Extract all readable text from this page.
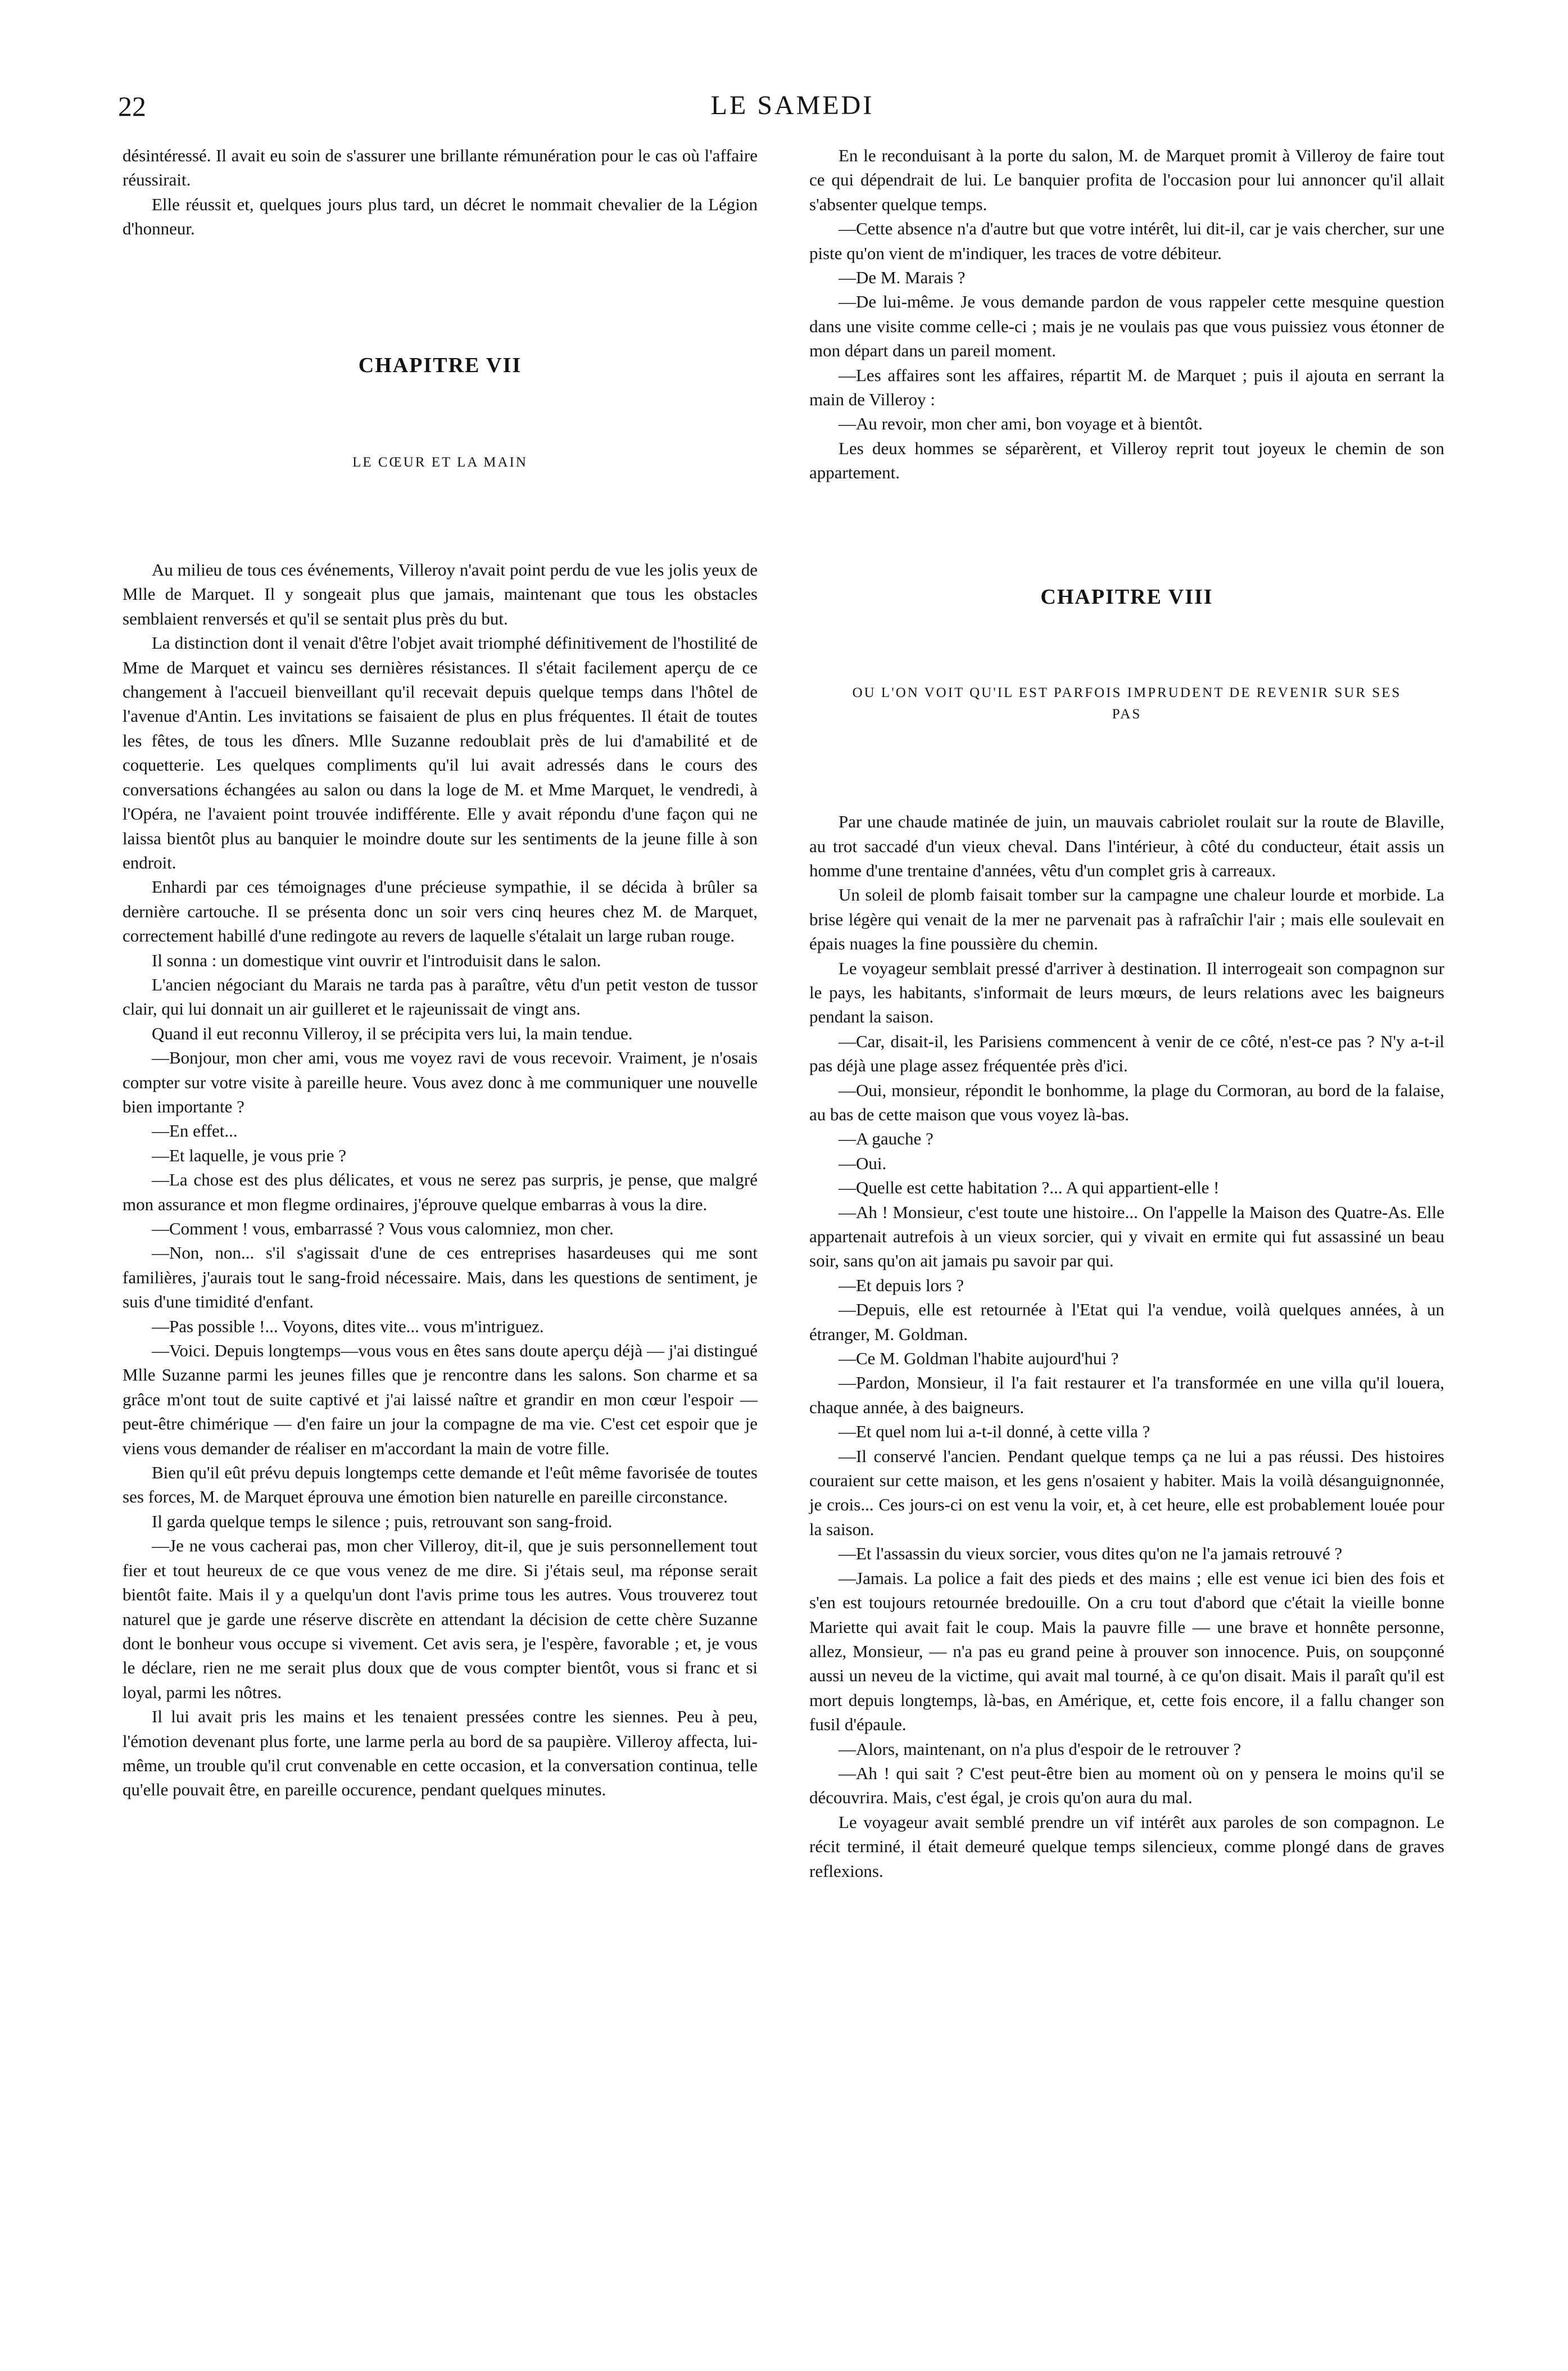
22	LE SAMEDI

désintéressé. Il avait eu soin de s'assurer une brillante rémunération pour le cas où l'affaire réussirait.

Elle réussit et, quelques jours plus tard, un décret le nommait chevalier de la Légion d'honneur.

CHAPITRE VII
LE CŒUR ET LA MAIN

Au milieu de tous ces événements, Villeroy n'avait point perdu de vue les jolis yeux de Mlle de Marquet. Il y songeait plus que jamais, maintenant que tous les obstacles semblaient renversés et qu'il se sentait plus près du but.

La distinction dont il venait d'être l'objet avait triomphé définitivement de l'hostilité de Mme de Marquet et vaincu ses dernières résistances. Il s'était facilement aperçu de ce changement à l'accueil bienveillant qu'il recevait depuis quelque temps dans l'hôtel de l'avenue d'Antin. Les invitations se faisaient de plus en plus fréquentes. Il était de toutes les fêtes, de tous les dîners. Mlle Suzanne redoublait près de lui d'amabilité et de coquetterie. Les quelques compliments qu'il lui avait adressés dans le cours des conversations échangées au salon ou dans la loge de M. et Mme Marquet, le vendredi, à l'Opéra, ne l'avaient point trouvée indifférente. Elle y avait répondu d'une façon qui ne laissa bientôt plus au banquier le moindre doute sur les sentiments de la jeune fille à son endroit.

Enhardi par ces témoignages d'une précieuse sympathie, il se décida à brûler sa dernière cartouche. Il se présenta donc un soir vers cinq heures chez M. de Marquet, correctement habillé d'une redingote au revers de laquelle s'étalait un large ruban rouge.

Il sonna : un domestique vint ouvrir et l'introduisit dans le salon.

L'ancien négociant du Marais ne tarda pas à paraître, vêtu d'un petit veston de tussor clair, qui lui donnait un air guilleret et le rajeunissait de vingt ans.

Quand il eut reconnu Villeroy, il se précipita vers lui, la main tendue.

—Bonjour, mon cher ami, vous me voyez ravi de vous recevoir. Vraiment, je n'osais compter sur votre visite à pareille heure. Vous avez donc à me communiquer une nouvelle bien importante ?

—En effet...

—Et laquelle, je vous prie ?

—La chose est des plus délicates, et vous ne serez pas surpris, je pense, que malgré mon assurance et mon flegme ordinaires, j'éprouve quelque embarras à vous la dire.

—Comment ! vous, embarrassé ? Vous vous calomniez, mon cher.

—Non, non... s'il s'agissait d'une de ces entreprises hasardeuses qui me sont familières, j'aurais tout le sang-froid nécessaire. Mais, dans les questions de sentiment, je suis d'une timidité d'enfant.

—Pas possible !... Voyons, dites vite... vous m'intriguez.

—Voici. Depuis longtemps—vous vous en êtes sans doute aperçu déjà — j'ai distingué Mlle Suzanne parmi les jeunes filles que je rencontre dans les salons. Son charme et sa grâce m'ont tout de suite captivé et j'ai laissé naître et grandir en mon cœur l'espoir — peut-être chimérique — d'en faire un jour la compagne de ma vie. C'est cet espoir que je viens vous demander de réaliser en m'accordant la main de votre fille.

Bien qu'il eût prévu depuis longtemps cette demande et l'eût même favorisée de toutes ses forces, M. de Marquet éprouva une émotion bien naturelle en pareille circonstance.

Il garda quelque temps le silence ; puis, retrouvant son sang-froid.

—Je ne vous cacherai pas, mon cher Villeroy, dit-il, que je suis personnellement tout fier et tout heureux de ce que vous venez de me dire. Si j'étais seul, ma réponse serait bientôt faite. Mais il y a quelqu'un dont l'avis prime tous les autres. Vous trouverez tout naturel que je garde une réserve discrète en attendant la décision de cette chère Suzanne dont le bonheur vous occupe si vivement. Cet avis sera, je l'espère, favorable ; et, je vous le déclare, rien ne me serait plus doux que de vous compter bientôt, vous si franc et si loyal, parmi les nôtres.

Il lui avait pris les mains et les tenaient pressées contre les siennes. Peu à peu, l'émotion devenant plus forte, une larme perla au bord de sa paupière. Villeroy affecta, lui-même, un trouble qu'il crut convenable en cette occasion, et la conversation continua, telle qu'elle pouvait être, en pareille occurence, pendant quelques minutes.

En le reconduisant à la porte du salon, M. de Marquet promit à Villeroy de faire tout ce qui dépendrait de lui. Le banquier profita de l'occasion pour lui annoncer qu'il allait s'absenter quelque temps.

—Cette absence n'a d'autre but que votre intérêt, lui dit-il, car je vais chercher, sur une piste qu'on vient de m'indiquer, les traces de votre débiteur.

—De M. Marais ?

—De lui-même. Je vous demande pardon de vous rappeler cette mesquine question dans une visite comme celle-ci ; mais je ne voulais pas que vous puissiez vous étonner de mon départ dans un pareil moment.

—Les affaires sont les affaires, répartit M. de Marquet ; puis il ajouta en serrant la main de Villeroy :

—Au revoir, mon cher ami, bon voyage et à bientôt.

Les deux hommes se séparèrent, et Villeroy reprit tout joyeux le chemin de son appartement.

CHAPITRE VIII
OU L'ON VOIT QU'IL EST PARFOIS IMPRUDENT DE REVENIR SUR SES PAS

Par une chaude matinée de juin, un mauvais cabriolet roulait sur la route de Blaville, au trot saccadé d'un vieux cheval. Dans l'intérieur, à côté du conducteur, était assis un homme d'une trentaine d'années, vêtu d'un complet gris à carreaux.

Un soleil de plomb faisait tomber sur la campagne une chaleur lourde et morbide. La brise légère qui venait de la mer ne parvenait pas à rafraîchir l'air ; mais elle soulevait en épais nuages la fine poussière du chemin.

Le voyageur semblait pressé d'arriver à destination. Il interrogeait son compagnon sur le pays, les habitants, s'informait de leurs mœurs, de leurs relations avec les baigneurs pendant la saison.

—Car, disait-il, les Parisiens commencent à venir de ce côté, n'est-ce pas ? N'y a-t-il pas déjà une plage assez fréquentée près d'ici.

—Oui, monsieur, répondit le bonhomme, la plage du Cormoran, au bord de la falaise, au bas de cette maison que vous voyez là-bas.

—A gauche ?

—Oui.

—Quelle est cette habitation ?... A qui appartient-elle !

—Ah ! Monsieur, c'est toute une histoire... On l'appelle la Maison des Quatre-As. Elle appartenait autrefois à un vieux sorcier, qui y vivait en ermite qui fut assassiné un beau soir, sans qu'on ait jamais pu savoir par qui.

—Et depuis lors ?

—Depuis, elle est retournée à l'Etat qui l'a vendue, voilà quelques années, à un étranger, M. Goldman.

—Ce M. Goldman l'habite aujourd'hui ?

—Pardon, Monsieur, il l'a fait restaurer et l'a transformée en une villa qu'il louera, chaque année, à des baigneurs.

—Et quel nom lui a-t-il donné, à cette villa ?

—Il conservé l'ancien. Pendant quelque temps ça ne lui a pas réussi. Des histoires couraient sur cette maison, et les gens n'osaient y habiter. Mais la voilà désanguignonnée, je crois... Ces jours-ci on est venu la voir, et, à cet heure, elle est probablement louée pour la saison.

—Et l'assassin du vieux sorcier, vous dites qu'on ne l'a jamais retrouvé ?

—Jamais. La police a fait des pieds et des mains ; elle est venue ici bien des fois et s'en est toujours retournée bredouille. On a cru tout d'abord que c'était la vieille bonne Mariette qui avait fait le coup. Mais la pauvre fille — une brave et honnête personne, allez, Monsieur, — n'a pas eu grand peine à prouver son innocence. Puis, on soupçonné aussi un neveu de la victime, qui avait mal tourné, à ce qu'on disait. Mais il paraît qu'il est mort depuis longtemps, là-bas, en Amérique, et, cette fois encore, il a fallu changer son fusil d'épaule.

—Alors, maintenant, on n'a plus d'espoir de le retrouver ?

—Ah ! qui sait ? C'est peut-être bien au moment où on y pensera le moins qu'il se découvrira. Mais, c'est égal, je crois qu'on aura du mal.

Le voyageur avait semblé prendre un vif intérêt aux paroles de son compagnon. Le récit terminé, il était demeuré quelque temps silencieux, comme plongé dans de graves reflexions.
